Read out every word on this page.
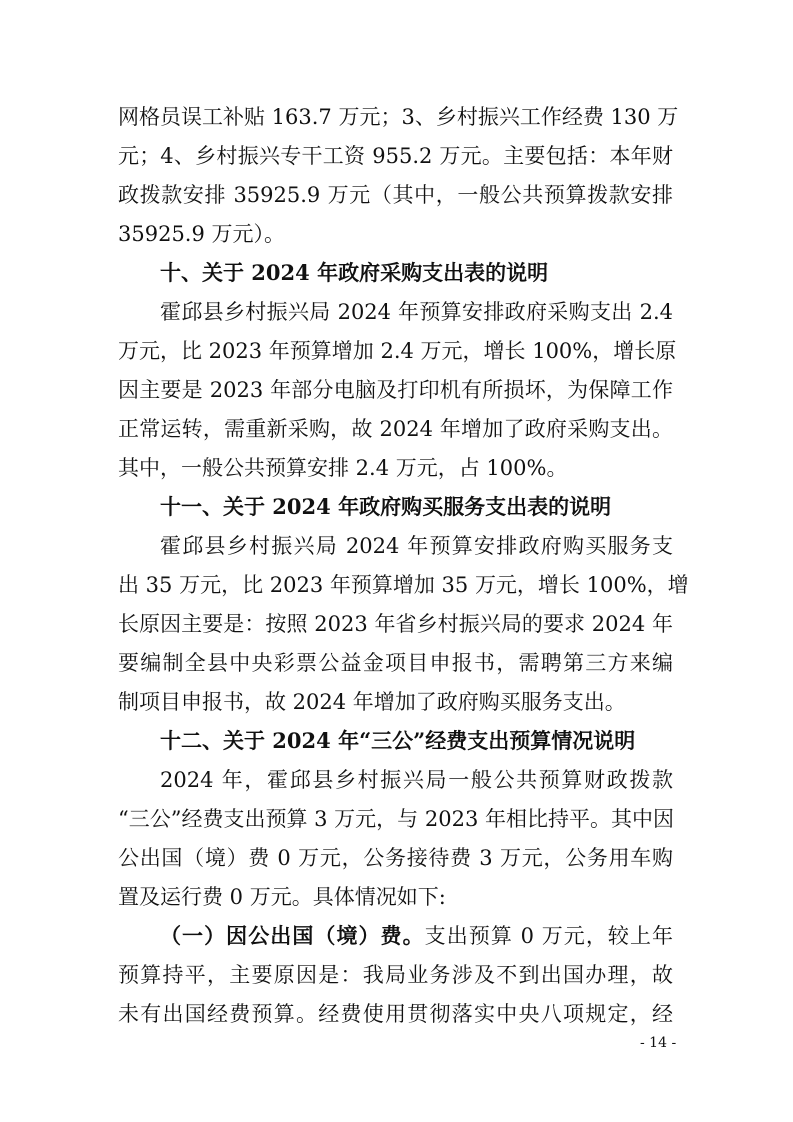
网格员误工补贴 163.7 万元；3、乡村振兴工作经费 130 万
元；4、乡村振兴专干工资 955.2 万元。主要包括：本年财
政拨款安排 35925.9 万元（其中，一般公共预算拨款安排
35925.9 万元）。
十、关于 2024 年政府采购支出表的说明
霍邱县乡村振兴局 2024 年预算安排政府采购支出 2.4
万元，比 2023 年预算增加 2.4 万元，增长 100%，增长原
因主要是 2023 年部分电脑及打印机有所损坏，为保障工作
正常运转，需重新采购，故 2024 年增加了政府采购支出。
其中，一般公共预算安排 2.4 万元，占 100%。
十一、关于 2024 年政府购买服务支出表的说明
霍邱县乡村振兴局 2024 年预算安排政府购买服务支
出 35 万元，比 2023 年预算增加 35 万元，增长 100%，增
长原因主要是：按照 2023 年省乡村振兴局的要求 2024 年
要编制全县中央彩票公益金项目申报书，需聘第三方来编
制项目申报书，故 2024 年增加了政府购买服务支出。
十二、关于 2024 年“三公”经费支出预算情况说明
2024 年，霍邱县乡村振兴局一般公共预算财政拨款
“三公”经费支出预算 3 万元，与 2023 年相比持平。其中因
公出国（境）费 0 万元，公务接待费 3 万元，公务用车购
置及运行费 0 万元。具体情况如下:
（一）因公出国（境）费。支出预算 0 万元，较上年
预算持平，主要原因是：我局业务涉及不到出国办理，故
未有出国经费预算。经费使用贯彻落实中央八项规定，经
- 14 -
